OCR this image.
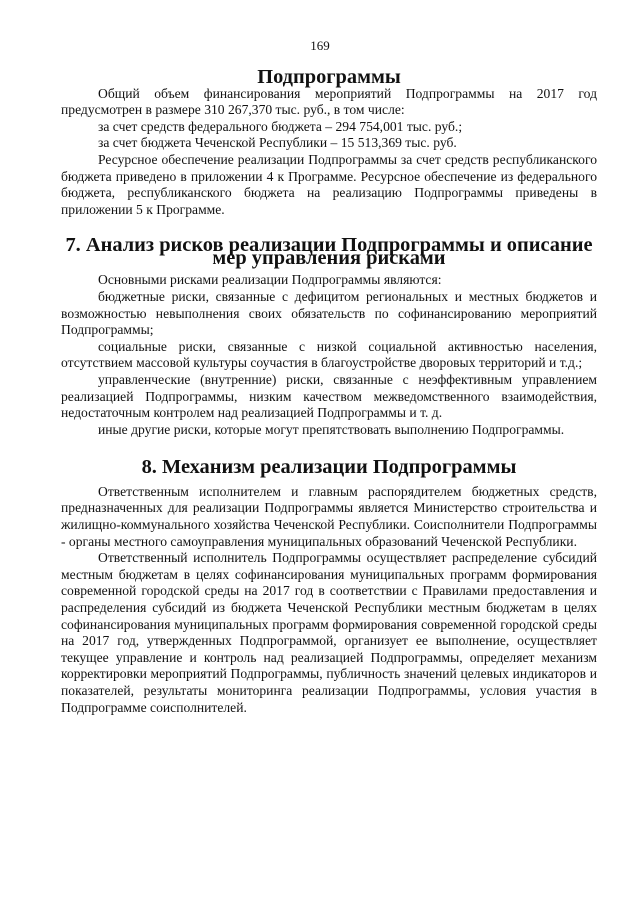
169
Подпрограммы

Общий объем финансирования мероприятий Подпрограммы на 2017 год предусмотрен в размере 310 267,370 тыс. руб., в том числе:

за счет средств федерального бюджета – 294 754,001 тыс. руб.;

за счет бюджета Чеченской Республики – 15 513,369 тыс. руб.

Ресурсное обеспечение реализации Подпрограммы за счет средств республиканского бюджета приведено в приложении 4 к Программе. Ресурсное обеспечение из федерального бюджета, республиканского бюджета на реализацию Подпрограммы приведены в приложении 5 к Программе.

7. Анализ рисков реализации Подпрограммы и описание мер управления рисками

Основными рисками реализации Подпрограммы являются:

бюджетные риски, связанные с дефицитом региональных и местных бюджетов и возможностью невыполнения своих обязательств по софинансированию мероприятий Подпрограммы;

социальные риски, связанные с низкой социальной активностью населения, отсутствием массовой культуры соучастия в благоустройстве дворовых территорий и т.д.;

управленческие (внутренние) риски, связанные с неэффективным управлением реализацией Подпрограммы, низким качеством межведомственного взаимодействия, недостаточным контролем над реализацией Подпрограммы и т. д.

иные другие риски, которые могут препятствовать выполнению Подпрограммы.

8. Механизм реализации Подпрограммы

Ответственным исполнителем и главным распорядителем бюджетных средств, предназначенных для реализации Подпрограммы является Министерство строительства и жилищно-коммунального хозяйства Чеченской Республики. Соисполнители Подпрограммы - органы местного самоуправления муниципальных образований Чеченской Республики.

Ответственный исполнитель Подпрограммы осуществляет распределение субсидий местным бюджетам в целях софинансирования муниципальных программ формирования современной городской среды на 2017 год в соответствии с Правилами предоставления и распределения субсидий из бюджета Чеченской Республики местным бюджетам в целях софинансирования муниципальных программ формирования современной городской среды на 2017 год, утвержденных Подпрограммой, организует ее выполнение, осуществляет текущее управление и контроль над реализацией Подпрограммы, определяет механизм корректировки мероприятий Подпрограммы, публичность значений целевых индикаторов и показателей, результаты мониторинга реализации Подпрограммы, условия участия в Подпрограмме соисполнителей.
